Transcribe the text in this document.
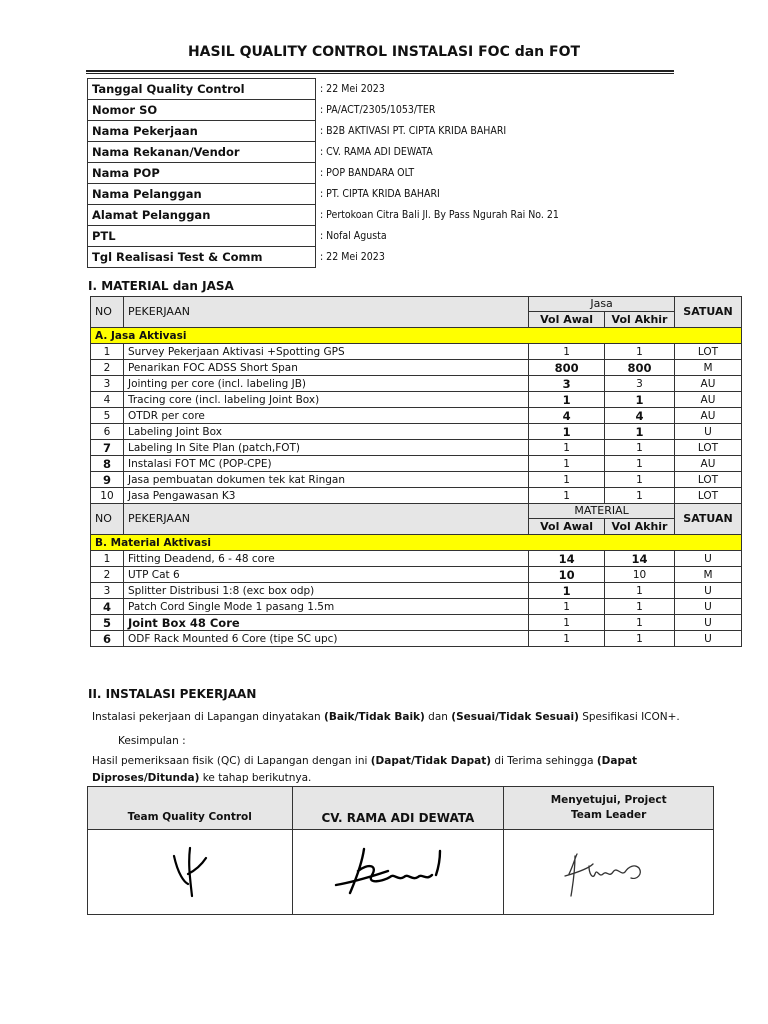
HASIL QUALITY CONTROL INSTALASI FOC dan FOT
Tanggal Quality Control	: 22 Mei 2023
Nomor SO	: PA/ACT/2305/1053/TER
Nama Pekerjaan	: B2B AKTIVASI PT. CIPTA KRIDA BAHARI
Nama Rekanan/Vendor	: CV. RAMA ADI DEWATA
Nama POP	: POP BANDARA OLT
Nama Pelanggan	: PT. CIPTA KRIDA BAHARI
Alamat Pelanggan	: Pertokoan Citra Bali Jl. By Pass Ngurah Rai No. 21
PTL	: Nofal Agusta
Tgl Realisasi Test & Comm	: 22 Mei 2023
I. MATERIAL dan JASA
NO	PEKERJAAN	Jasa		SATUAN
		Vol Awal	Vol Akhir	
A. Jasa Aktivasi				
1	Survey Pekerjaan Aktivasi +Spotting GPS	1	1	LOT
2	Penarikan FOC ADSS Short Span	800	800	M
3	Jointing per core (incl. labeling JB)	3	3	AU
4	Tracing core (incl. labeling Joint Box)	1	1	AU
5	OTDR per core	4	4	AU
6	Labeling Joint Box	1	1	U
7	Labeling In Site Plan (patch,FOT)	1	1	LOT
8	Instalasi FOT MC (POP-CPE)	1	1	AU
9	Jasa pembuatan dokumen tek kat Ringan	1	1	LOT
10	Jasa Pengawasan K3	1	1	LOT
NO	PEKERJAAN	MATERIAL		SATUAN
		Vol Awal	Vol Akhir	
B. Material Aktivasi				
1	Fitting Deadend, 6 - 48 core	14	14	U
2	UTP Cat 6	10	10	M
3	Splitter Distribusi 1:8 (exc box odp)	1	1	U
4	Patch Cord Single Mode 1 pasang 1.5m	1	1	U
5	Joint Box 48 Core	1	1	U
6	ODF Rack Mounted 6 Core (tipe SC upc)	1	1	U
II. INSTALASI PEKERJAAN
Instalasi pekerjaan di Lapangan dinyatakan (Baik/Tidak Baik) dan (Sesuai/Tidak Sesuai) Spesifikasi ICON+.
Kesimpulan :
Hasil pemeriksaan fisik (QC) di Lapangan dengan ini (Dapat/Tidak Dapat) di Terima sehingga (Dapat Diproses/Ditunda) ke tahap berikutnya.
Team Quality Control	CV. RAMA ADI DEWATA	Menyetujui, Project
Team Leader
